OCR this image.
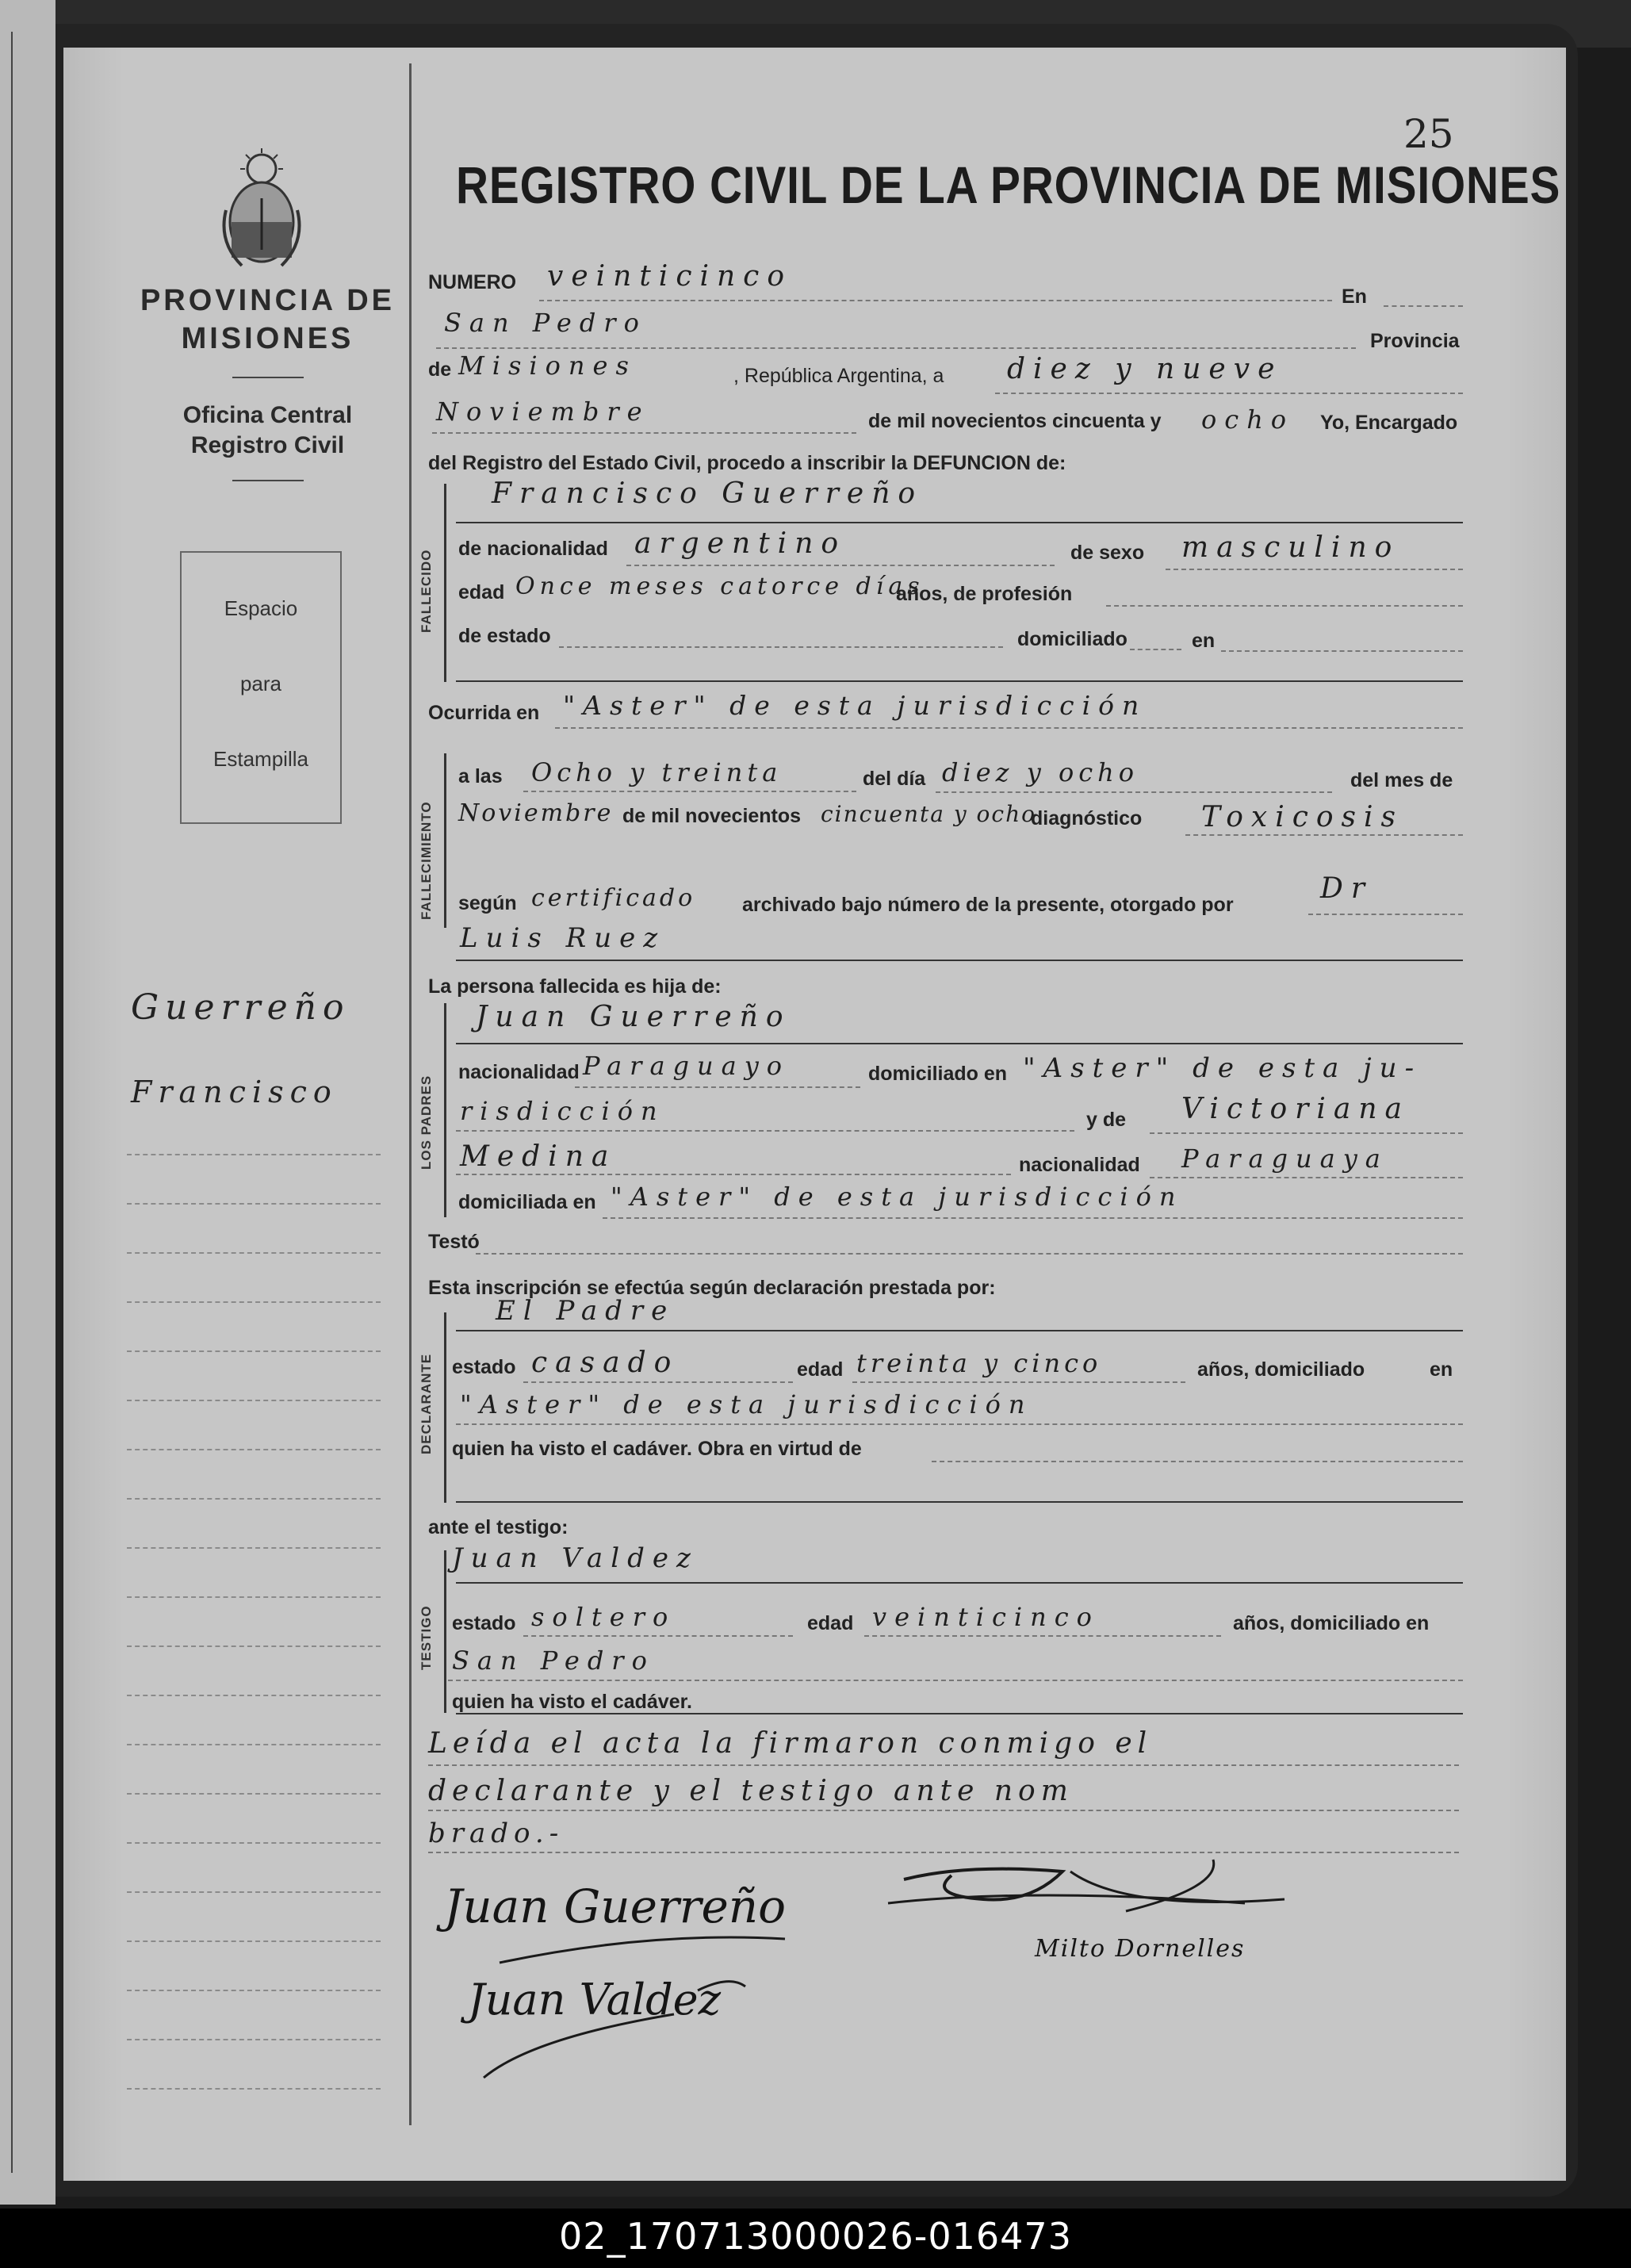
PROVINCIA DE
MISIONES
Oficina Central
Registro Civil
Espacio
para
Estampilla
Guerreño
Francisco
25
REGISTRO CIVIL DE LA PROVINCIA DE MISIONES
NUMERO veinticinco
En
San Pedro
Provincia
de Misiones	, República Argentina, a diez y nueve
Noviembre	de mil novecientos cincuenta y ocho Yo, Encargado
del Registro del Estado Civil, procedo a inscribir la DEFUNCION de:
FALLECIDO
Francisco Guerreño
de nacionalidad argentino	de sexo masculino
edad Once meses catorce días
años, de profesión
de estado	domiciliado	en
Ocurrida en "Aster" de esta jurisdicción
FALLECIMIENTO
a las Ocho y treinta	del día diez y ocho	del mes de
Noviembre de mil novecientos cincuenta y ocho
diagnóstico Toxicosis
según certificado archivado bajo número de la presente, otorgado por	Dr
Luis Ruez
La persona fallecida es hija de:
LOS PADRES
Juan Guerreño
nacionalidad Paraguayo	domiciliado en "Aster" de esta ju-
risdicción	y de Victoriana
Medina	nacionalidad Paraguaya
domiciliada en "Aster" de esta jurisdicción
Testó
Esta inscripción se efectúa según declaración prestada por:
DECLARANTE
El Padre
estado casado	edad treinta y cinco	años, domiciliado	en
"Aster" de esta jurisdicción
quien ha visto el cadáver. Obra en virtud de
ante el testigo:
TESTIGO
Juan Valdez
estado soltero	edad veinticinco	años, domiciliado en
San Pedro
quien ha visto el cadáver.
Leída el acta la firmaron conmigo el
declarante y el testigo ante nom
brado.-
Juan Guerreño
Milto Dornelles
Juan Valdez
02_170713000026-016473
